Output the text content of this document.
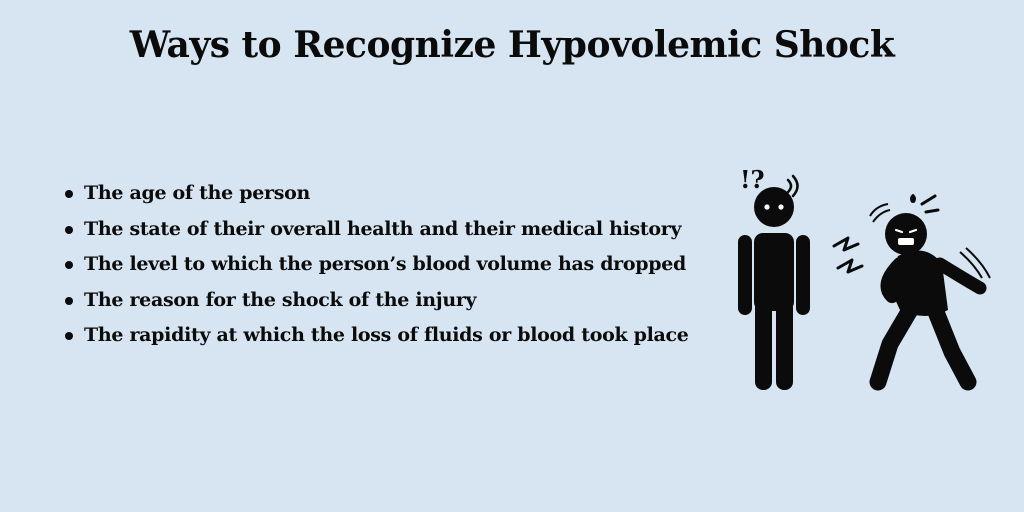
Ways to Recognize Hypovolemic Shock
The age of the person
The state of their overall health and their medical history
The level to which the person’s blood volume has dropped
The reason for the shock of the injury
The rapidity at which the loss of fluids or blood took place
!?
